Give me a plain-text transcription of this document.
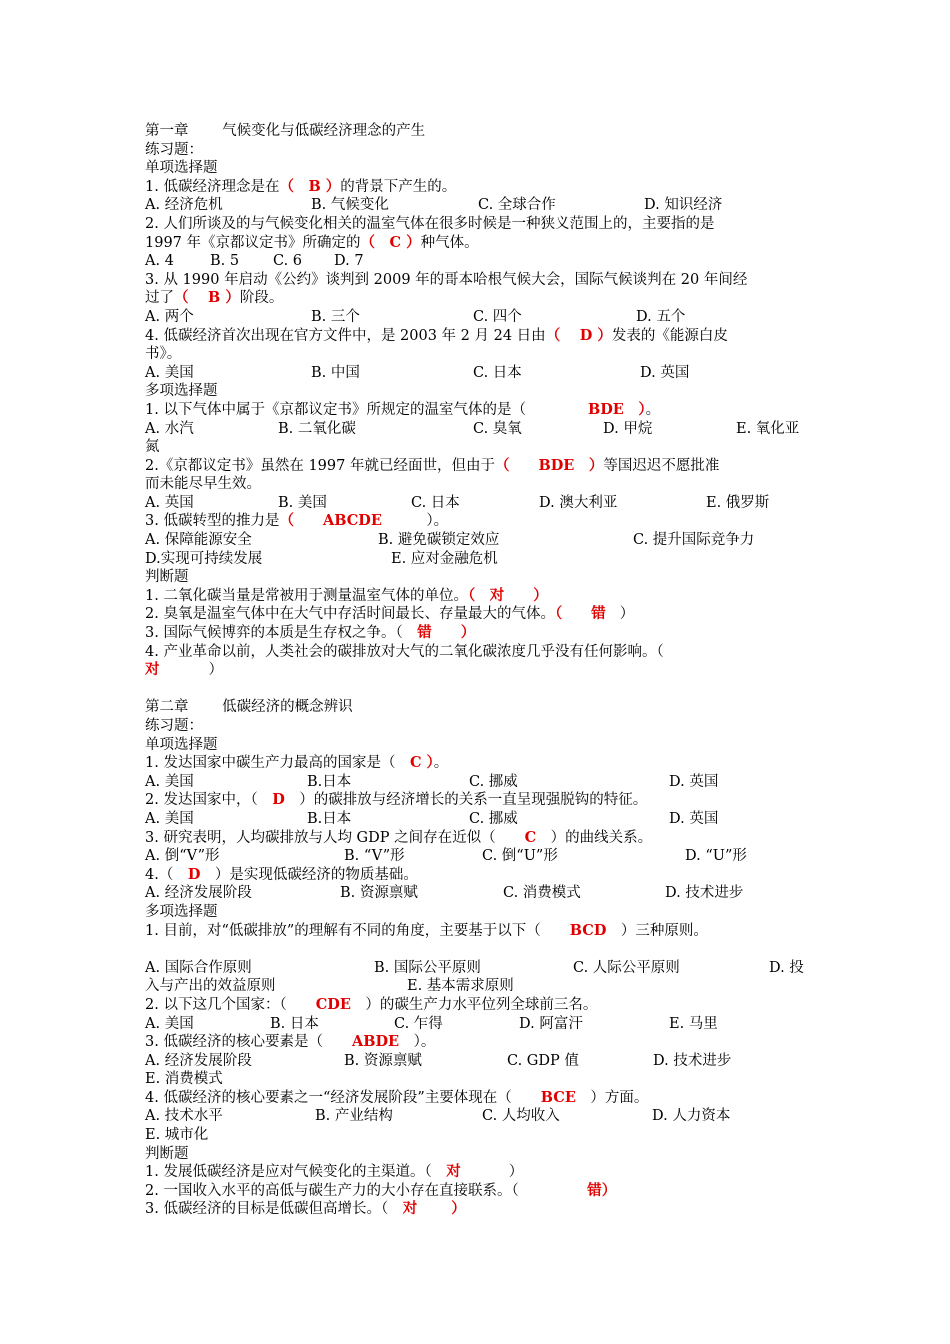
第一章　　 气候变化与低碳经济理念的产生
练习题：
单项选择题
1. 低碳经济理念是在（　B ）的背景下产生的。
A. 经济危机	B. 气候变化	C. 全球合作	D. 知识经济
2. 人们所谈及的与气候变化相关的温室气体在很多时候是一种狭义范围上的，主要指的是
1997 年《京都议定书》所确定的（　C ）种气体。
A. 4 B. 5 C. 6 D. 7
3. 从 1990 年启动《公约》谈判到 2009 年的哥本哈根气候大会，国际气候谈判在 20 年间经
过了（　 B ）阶段。
A. 两个	B. 三个	C. 四个	D. 五个
4. 低碳经济首次出现在官方文件中，是 2003 年 2 月 24 日由（　 D ）发表的《能源白皮
书》。
A. 美国	B. 中国	C. 日本	D. 英国
多项选择题
1. 以下气体中属于《京都议定书》所规定的温室气体的是（	BDE　）。
A. 水汽	B. 二氧化碳	C. 臭氧	D. 甲烷	E. 氧化亚
氮
2.《京都议定书》虽然在 1997 年就已经面世，但由于（　　BDE　）等国迟迟不愿批准
而未能尽早生效。
A. 英国	B. 美国	C. 日本	D. 澳大利亚	E. 俄罗斯
3. 低碳转型的推力是（　　ABCDE　）。
A. 保障能源安全	B. 避免碳锁定效应	C. 提升国际竞争力
D.实现可持续发展	E. 应对金融危机
判断题
1. 二氧化碳当量是常被用于测量温室气体的单位。（　对　　）
2. 臭氧是温室气体中在大气中存活时间最长、存量最大的气体。（　　错 ）
3. 国际气候博弈的本质是生存权之争。（　错　　）
4. 产业革命以前，人类社会的碳排放对大气的二氧化碳浓度几乎没有任何影响。（
对　　）
第二章　　 低碳经济的概念辨识
练习题：
单项选择题
1. 发达国家中碳生产力最高的国家是（　C ）。
A. 美国	B.日本	C. 挪威	D. 英国
2. 发达国家中，（　D　）的碳排放与经济增长的关系一直呈现强脱钩的特征。
A. 美国	B.日本	C. 挪威	D. 英国
3. 研究表明，人均碳排放与人均 GDP 之间存在近似（　　C　）的曲线关系。
A. 倒“V”形	B. “V”形	C. 倒“U”形	D. “U”形
4.（　D　）是实现低碳经济的物质基础。
A. 经济发展阶段	B. 资源禀赋	C. 消费模式	D. 技术进步
多项选择题
1. 目前，对“低碳排放”的理解有不同的角度，主要基于以下（　　BCD　）三种原则。
A. 国际合作原则	B. 国际公平原则	C. 人际公平原则	D. 投
入与产出的效益原则	E. 基本需求原则
2. 以下这几个国家：（　　CDE　）的碳生产力水平位列全球前三名。
A. 美国	B. 日本	C. 乍得	D. 阿富汗	E. 马里
3. 低碳经济的核心要素是（　　ABDE　）。
A. 经济发展阶段	B. 资源禀赋	C. GDP 值	D. 技术进步
E. 消费模式
4. 低碳经济的核心要素之一“经济发展阶段”主要体现在（　　BCE　）方面。
A. 技术水平	B. 产业结构	C. 人均收入	D. 人力资本
E. 城市化
判断题
1. 发展低碳经济是应对气候变化的主渠道。（　对　　　 ）
2. 一国收入水平的高低与碳生产力的大小存在直接联系。（　　　 错）
3. 低碳经济的目标是低碳但高增长。（　对　　 ）
